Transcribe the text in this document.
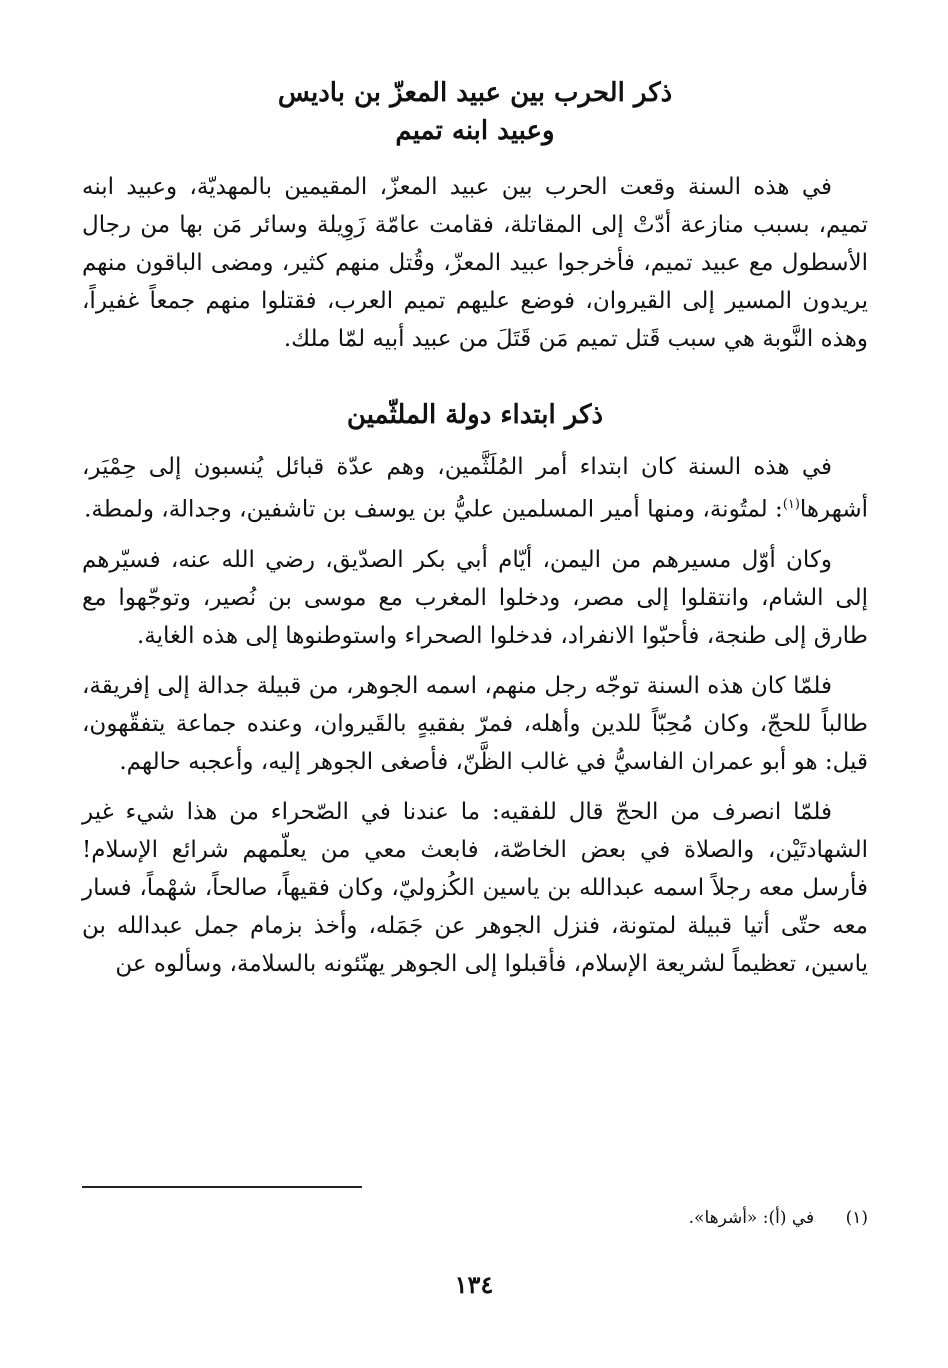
ذكر الحرب بين عبيد المعزّ بن باديس
وعبيد ابنه تميم

في هذه السنة وقعت الحرب بين عبيد المعزّ، المقيمين بالمهديّة، وعبيد ابنه تميم، بسبب منازعة أدّتْ إلى المقاتلة، فقامت عامّة زَوِيلة وسائر مَن بها من رجال الأسطول مع عبيد تميم، فأخرجوا عبيد المعزّ، وقُتل منهم كثير، ومضى الباقون منهم يريدون المسير إلى القيروان، فوضع عليهم تميم العرب، فقتلوا منهم جمعاً غفيراً، وهذه النَّوبة هي سبب قَتل تميم مَن قَتَلَ من عبيد أبيه لمّا ملك.

ذكر ابتداء دولة الملثّمين

في هذه السنة كان ابتداء أمر المُلَثَّمين، وهم عدّة قبائل يُنسبون إلى حِمْيَر، أشهرها$^{(١)}$: لمتُونة، ومنها أمير المسلمين عليُّ بن يوسف بن تاشفين، وجدالة، ولمطة.

وكان أوّل مسيرهم من اليمن، أيّام أبي بكر الصدّيق، رضي الله عنه، فسيّرهم إلى الشام، وانتقلوا إلى مصر، ودخلوا المغرب مع موسى بن نُصير، وتوجّهوا مع طارق إلى طنجة، فأحبّوا الانفراد، فدخلوا الصحراء واستوطنوها إلى هذه الغاية.

فلمّا كان هذه السنة توجّه رجل منهم، اسمه الجوهر، من قبيلة جدالة إلى إفريقة، طالباً للحجّ، وكان مُحِبّاً للدين وأهله، فمرّ بفقيهٍ بالقَيروان، وعنده جماعة يتفقّهون، قيل: هو أبو عمران الفاسيُّ في غالب الظَّنّ، فأصغى الجوهر إليه، وأعجبه حالهم.

فلمّا انصرف من الحجّ قال للفقيه: ما عندنا في الصّحراء من هذا شيء غير الشهادتَيْن، والصلاة في بعض الخاصّة، فابعث معي من يعلّمهم شرائع الإسلام! فأرسل معه رجلاً اسمه عبدالله بن ياسين الكُزوليّ، وكان فقيهاً، صالحاً، شهْماً، فسار معه حتّى أتيا قبيلة لمتونة، فنزل الجوهر عن جَمَله، وأخذ بزمام جمل عبدالله بن ياسين، تعظيماً لشريعة الإسلام، فأقبلوا إلى الجوهر يهنّئونه بالسلامة، وسألوه عن

(١) في (أ): «أشرها».
١٣٤
